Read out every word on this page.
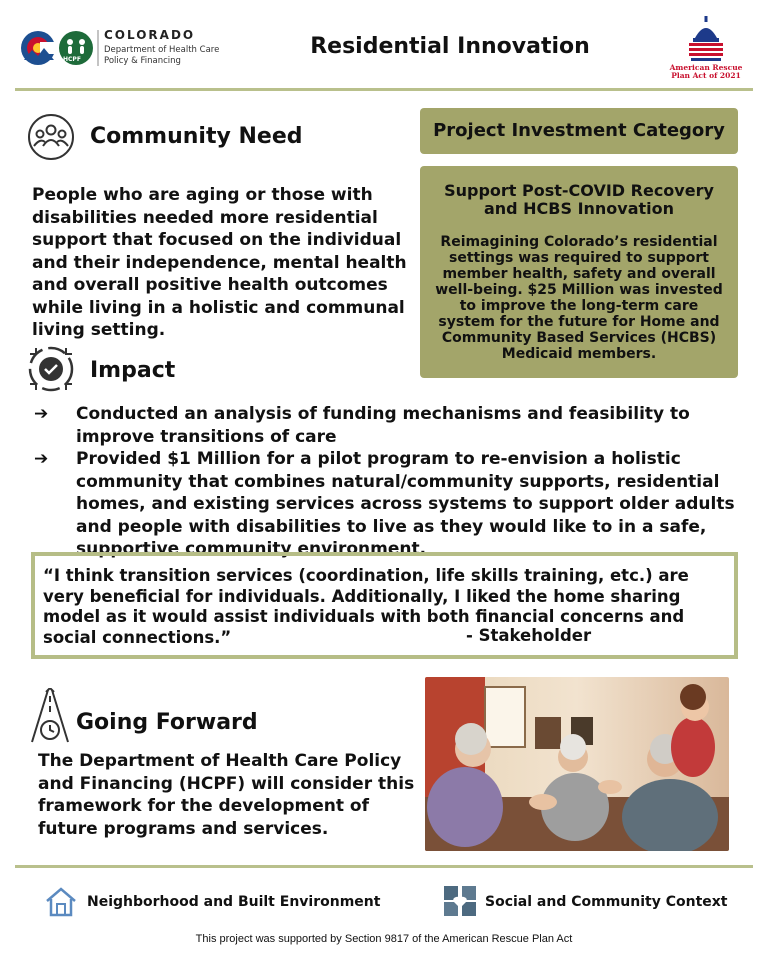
HCPF
COLORADO
Department of Health Care
Policy & Financing
Residential Innovation
American Rescue
Plan Act of 2021
Community Need
People who are aging or those with disabilities needed more residential support that focused on the individual and their independence, mental health and overall positive health outcomes while living in a holistic and communal living setting.
Project Investment Category
Support Post-COVID Recovery and HCBS Innovation
Reimagining Colorado’s residential settings was required to support member health, safety and overall well-being. $25 Million was invested to improve the long-term care system for the future for Home and Community Based Services (HCBS) Medicaid members.
Impact
➔ Conducted an analysis of funding mechanisms and feasibility to improve transitions of care
➔ Provided $1 Million for a pilot program to re-envision a holistic community that combines natural/community supports, residential homes, and existing services across systems to support older adults and people with disabilities to live as they would like to in a safe, supportive community environment.
“I think transition services (coordination, life skills training, etc.) are very beneficial for individuals. Additionally, I liked the home sharing model as it would assist individuals with both financial concerns and social connections.”	- Stakeholder
Going Forward
The Department of Health Care Policy and Financing (HCPF) will consider this framework for the development of future programs and services.
Neighborhood and Built Environment	Social and Community Context
This project was supported by Section 9817 of the American Rescue Plan Act
